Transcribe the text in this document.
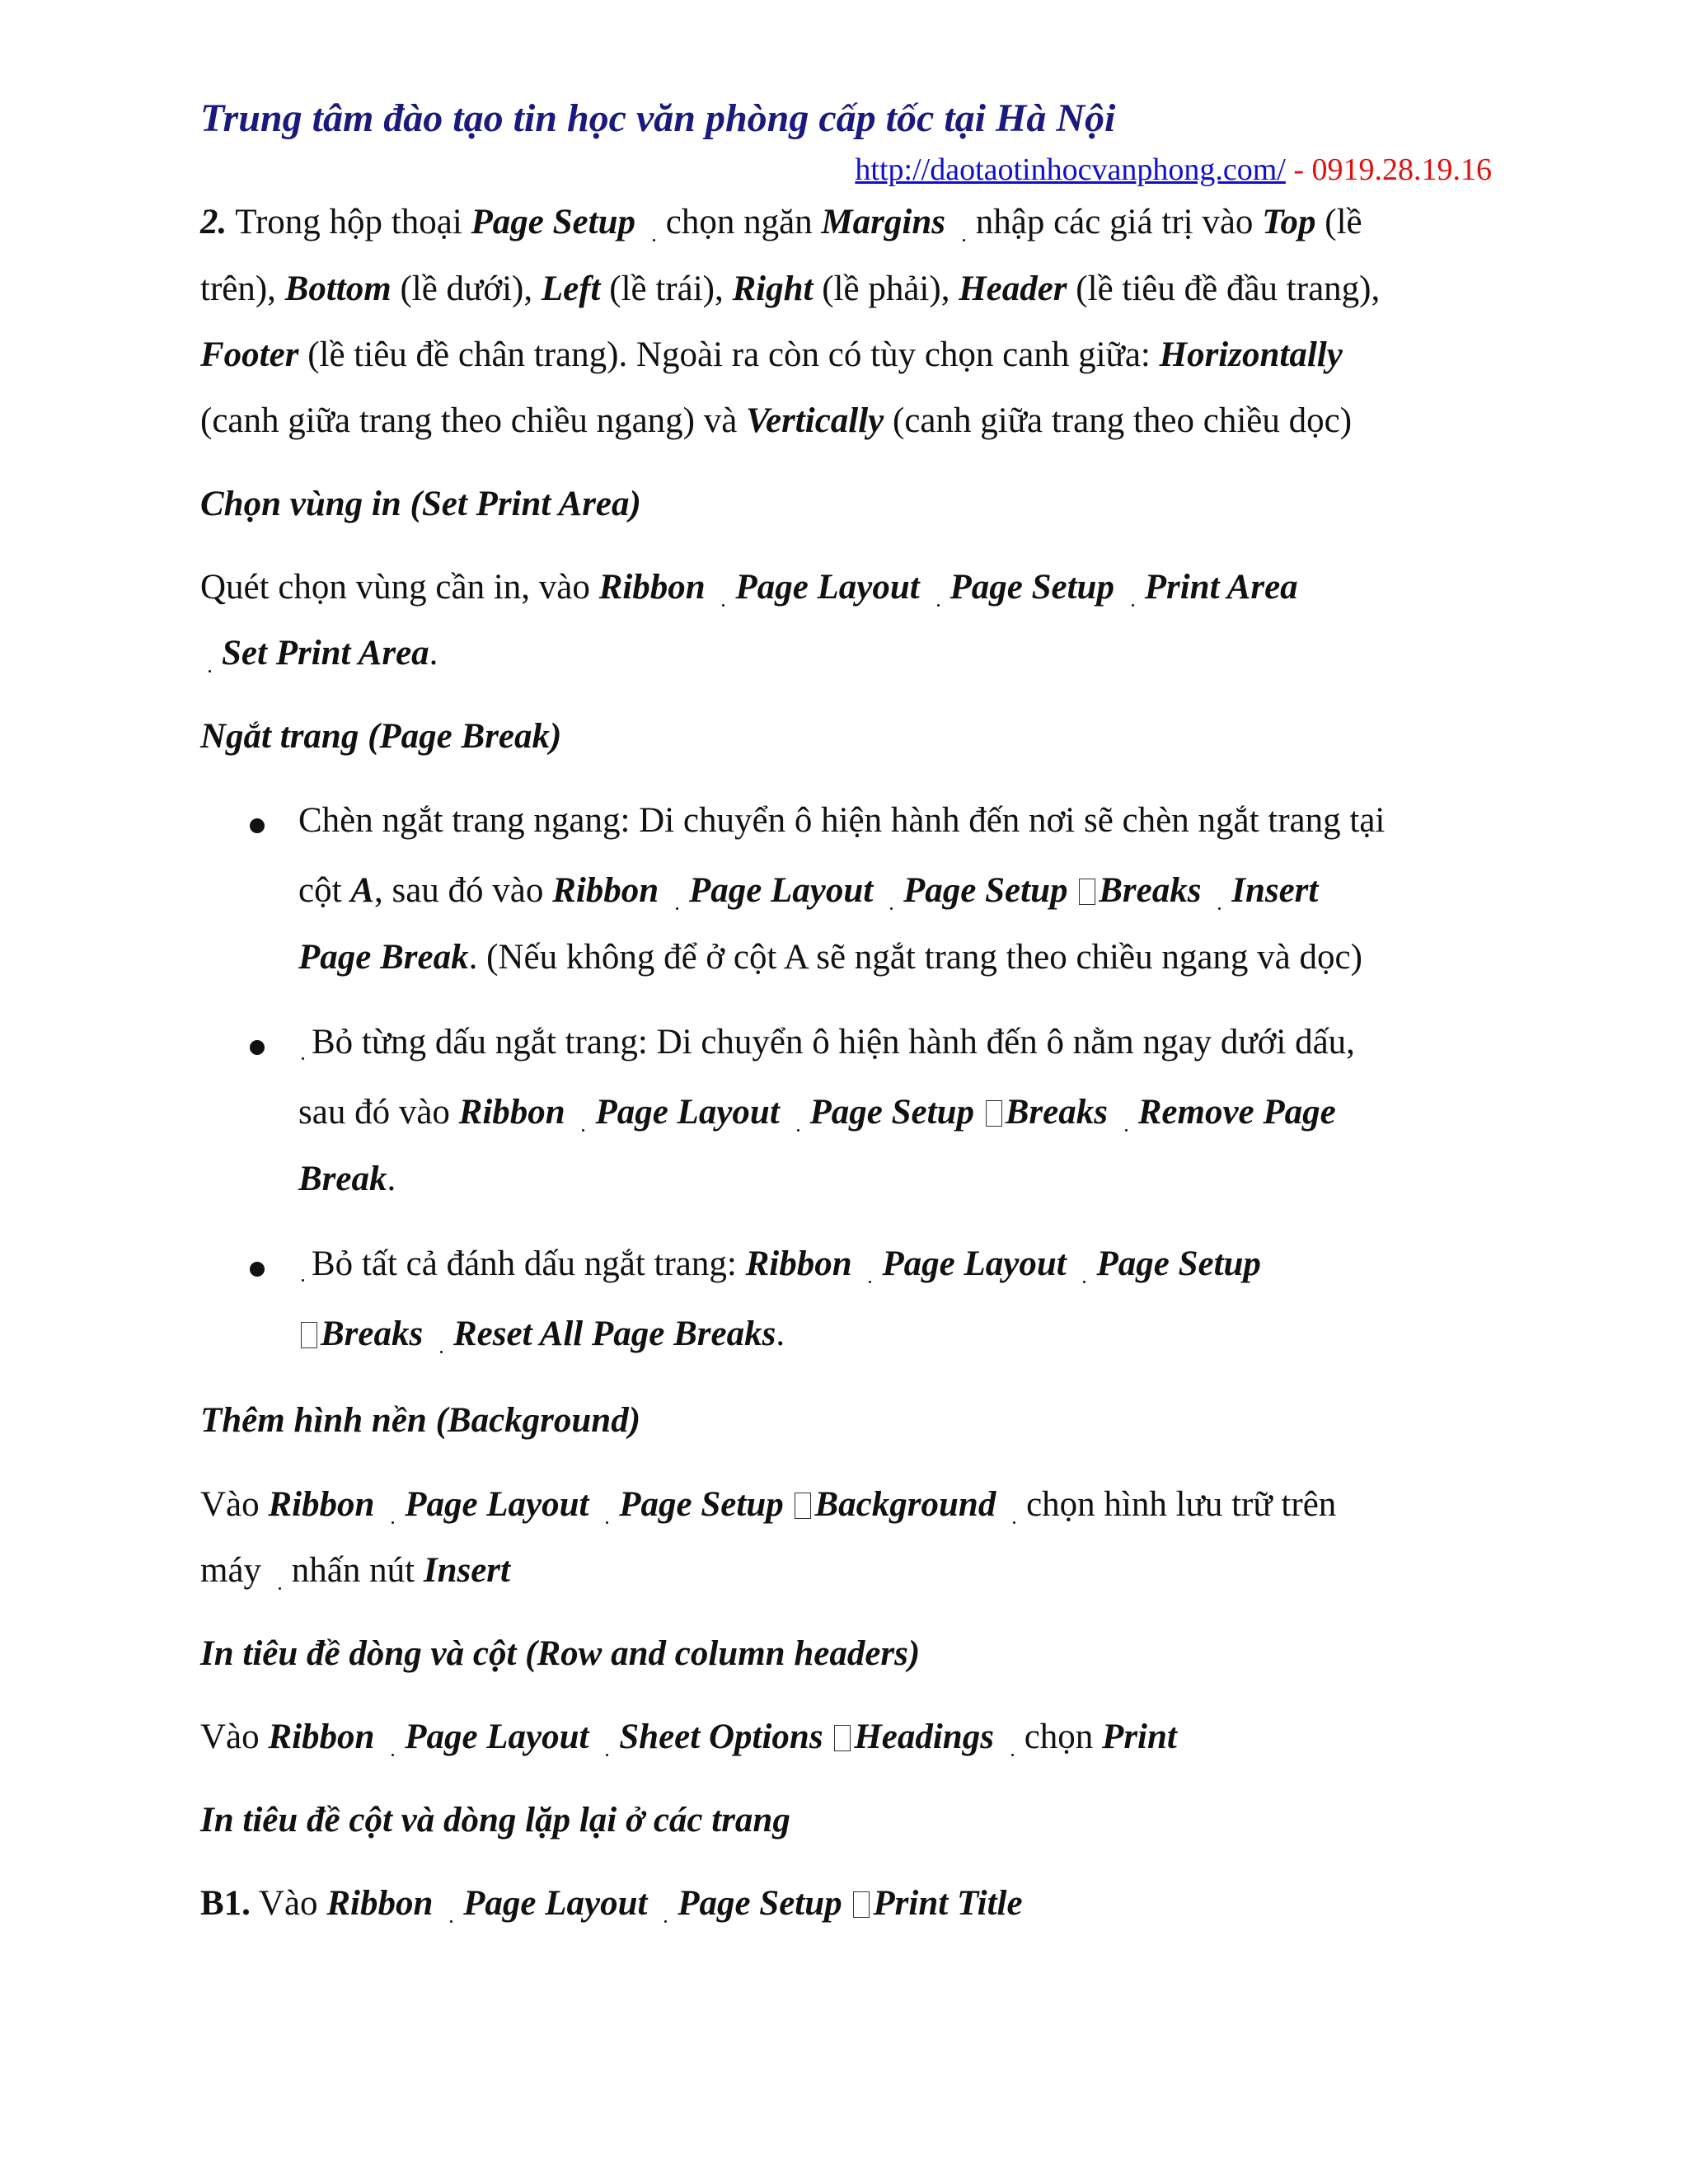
Trung tâm đào tạo tin học văn phòng cấp tốc tại Hà Nội
http://daotaotinhocvanphong.com/ - 0919.28.19.16
2. Trong hộp thoại Page Setup chọn ngăn Margins nhập các giá trị vào Top (lề
trên), Bottom (lề dưới), Left (lề trái), Right (lề phải), Header (lề tiêu đề đầu trang),
Footer (lề tiêu đề chân trang). Ngoài ra còn có tùy chọn canh giữa: Horizontally
(canh giữa trang theo chiều ngang) và Vertically (canh giữa trang theo chiều dọc)
Chọn vùng in (Set Print Area)
Quét chọn vùng cần in, vào Ribbon Page Layout Page Setup Print Area
Set Print Area.
Ngắt trang (Page Break)
Chèn ngắt trang ngang: Di chuyển ô hiện hành đến nơi sẽ chèn ngắt trang tại
cột A, sau đó vào Ribbon Page Layout Page Setup Breaks Insert
Page Break. (Nếu không để ở cột A sẽ ngắt trang theo chiều ngang và dọc)
Bỏ từng dấu ngắt trang: Di chuyển ô hiện hành đến ô nằm ngay dưới dấu,
sau đó vào Ribbon Page Layout Page Setup Breaks Remove Page
Break.
Bỏ tất cả đánh dấu ngắt trang: Ribbon Page Layout Page Setup
Breaks Reset All Page Breaks.
Thêm hình nền (Background)
Vào Ribbon Page Layout Page Setup Background chọn hình lưu trữ trên
máy nhấn nút Insert
In tiêu đề dòng và cột (Row and column headers)
Vào Ribbon Page Layout Sheet Options Headings chọn Print
In tiêu đề cột và dòng lặp lại ở các trang
B1. Vào Ribbon Page Layout Page Setup Print Title
